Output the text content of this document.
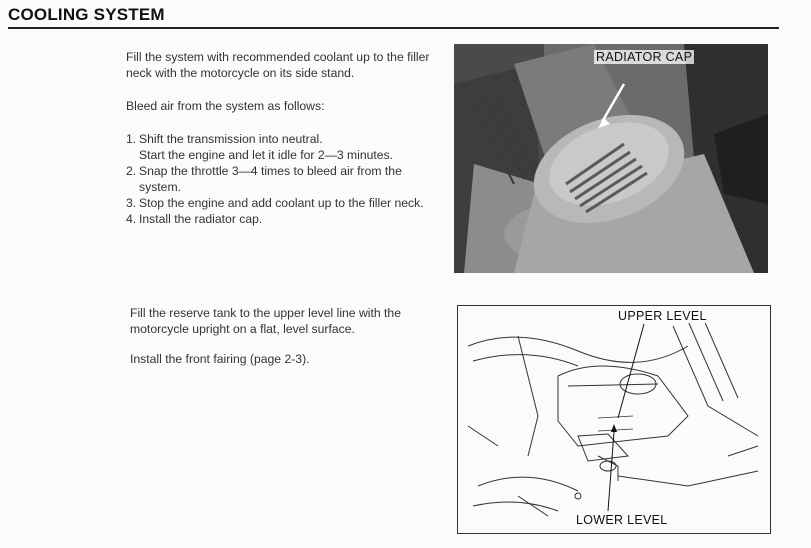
COOLING SYSTEM

Fill the system with recommended coolant up to the filler neck with the motorcycle on its side stand.

Bleed air from the system as follows:

1. Shift the transmission into neutral.
Start the engine and let it idle for 2—3 minutes.
2. Snap the throttle 3—4 times to bleed air from the system.
3. Stop the engine and add coolant up to the filler neck.
4. Install the radiator cap.
RADIATOR CAP

Fill the reserve tank to the upper level line with the motorcycle upright on a flat, level surface.

Install the front fairing (page 2-3).

UPPER LEVEL
LOWER LEVEL
